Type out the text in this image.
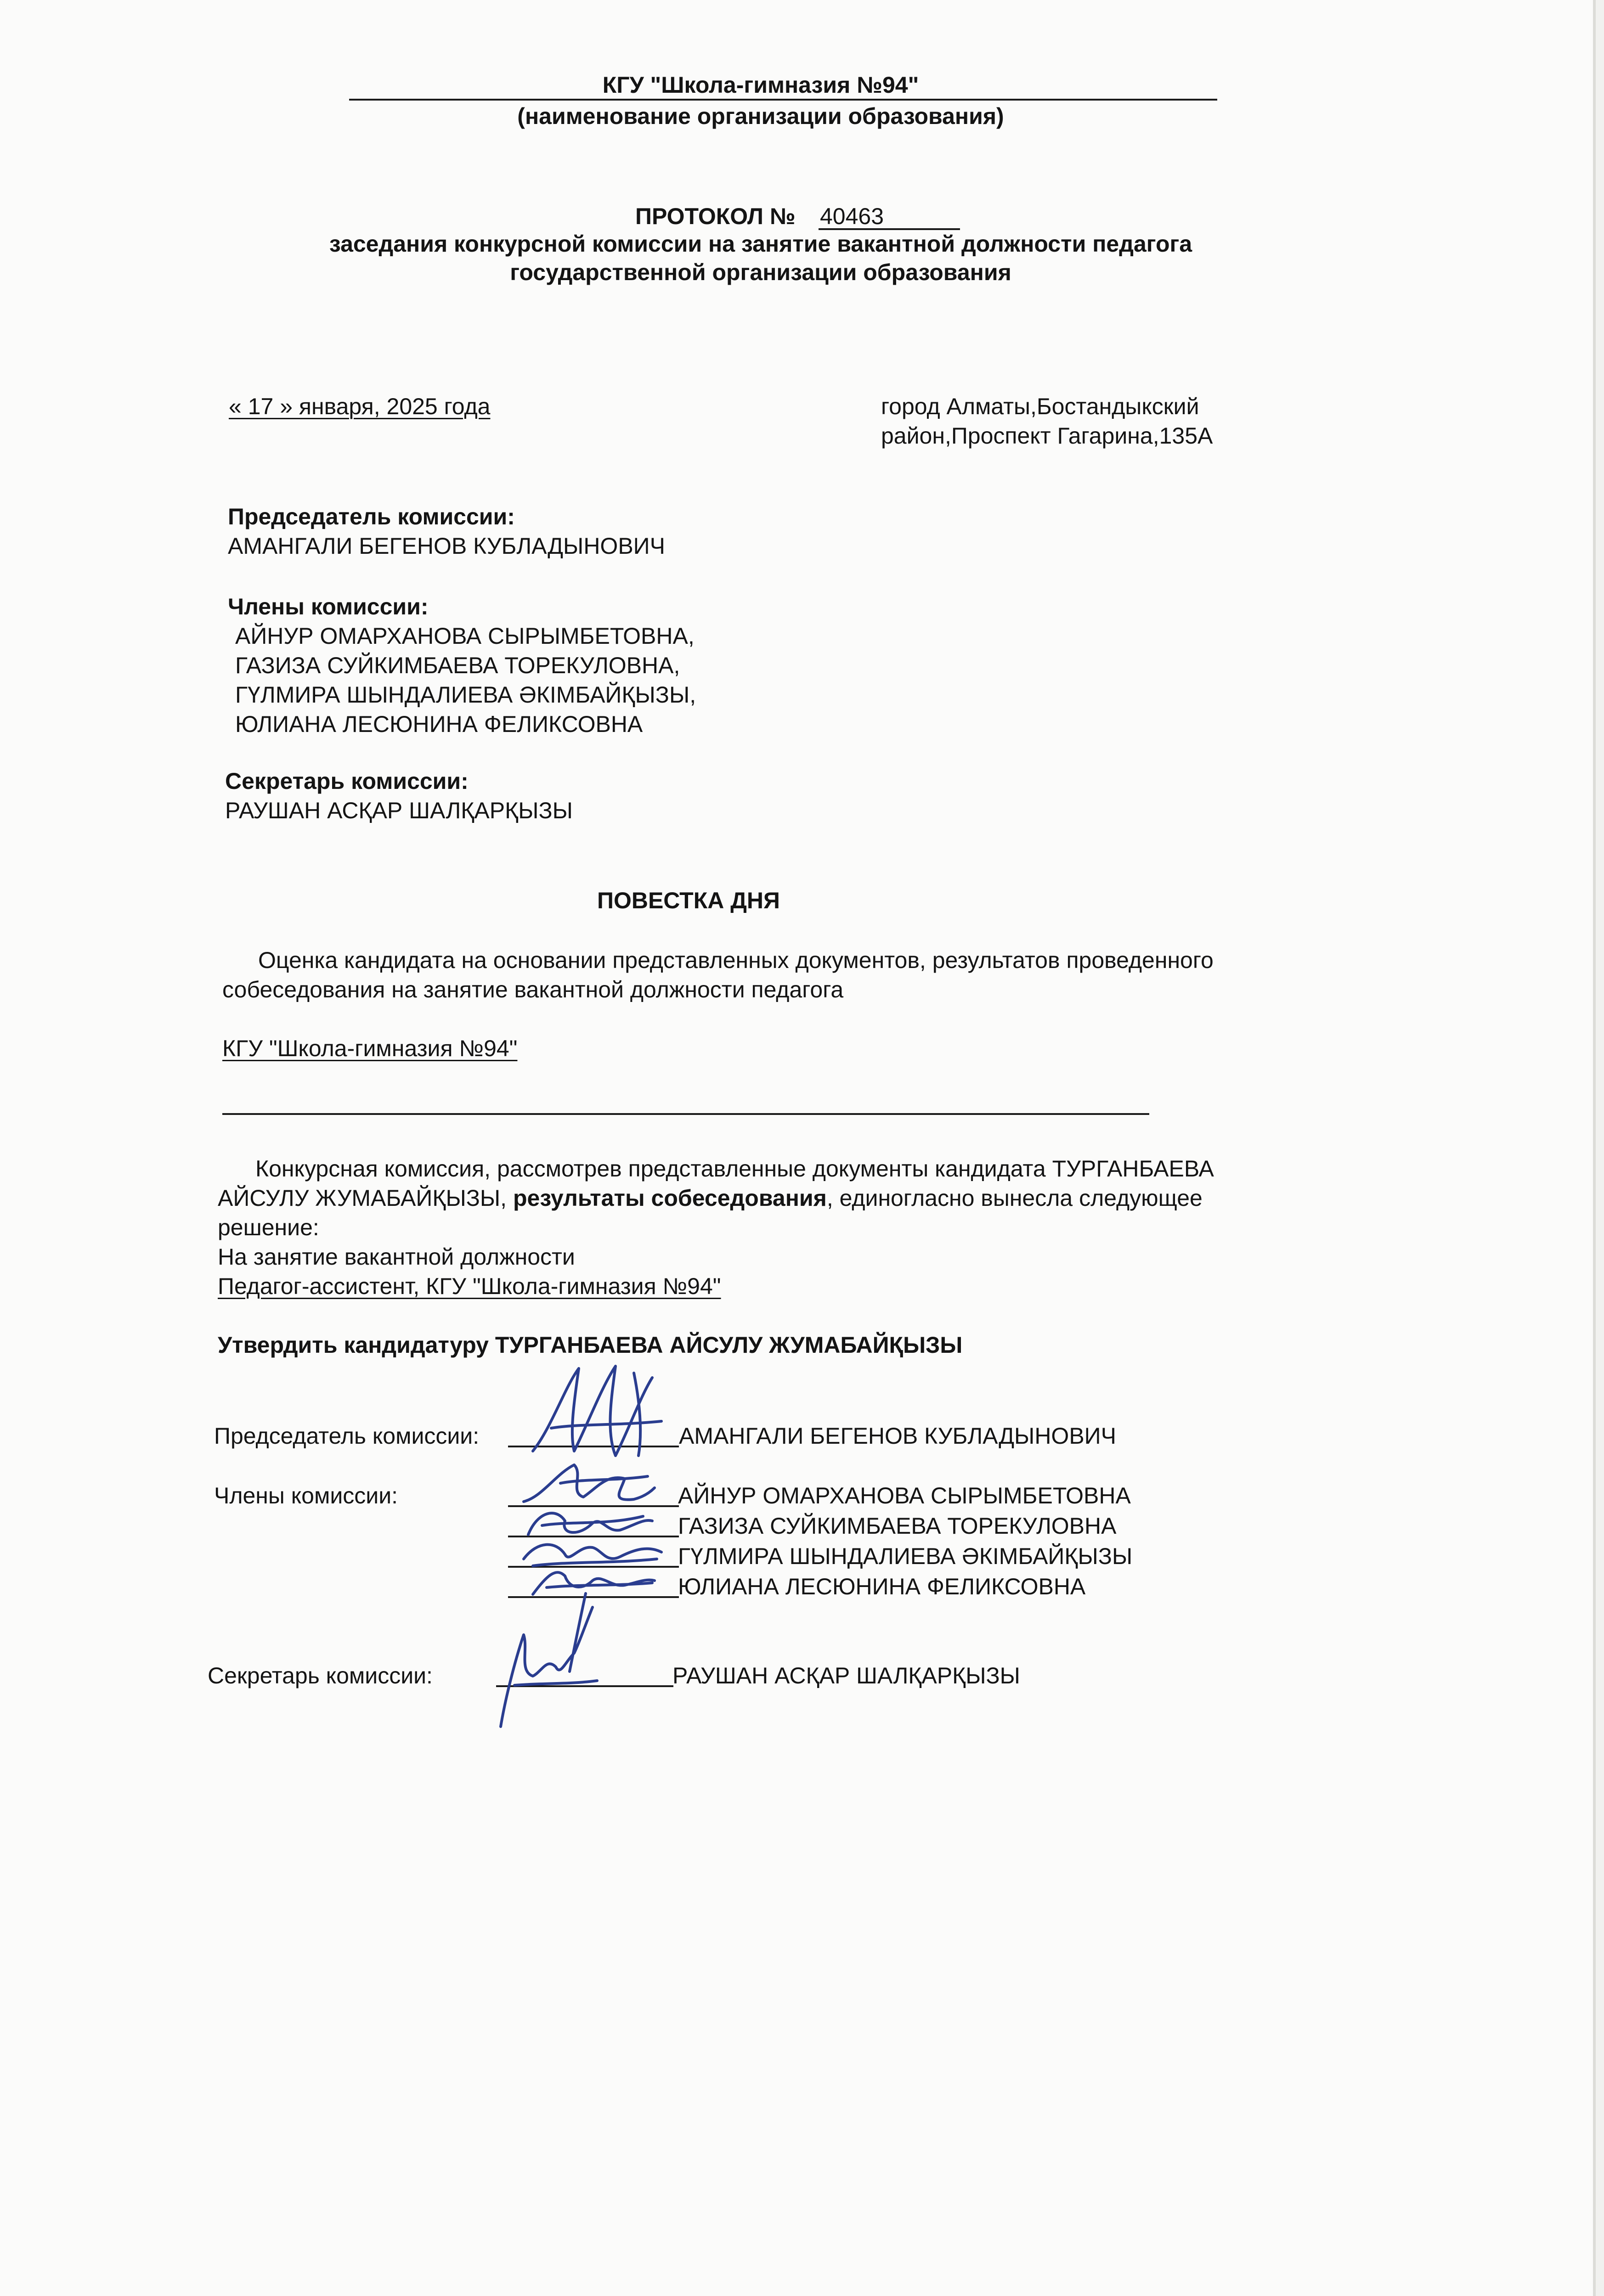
КГУ "Школа-гимназия №94"
(наименование организации образования)
ПРОТОКОЛ № 40463
заседания конкурсной комиссии на занятие вакантной должности педагога
государственной организации образования
« 17 » января, 2025 года	город Алматы,Бостандыкский
район,Проспект Гагарина,135А
Председатель комиссии:
АМАНГАЛИ БЕГЕНОВ КУБЛАДЫНОВИЧ
Члены комиссии:
АЙНУР ОМАРХАНОВА СЫРЫМБЕТОВНА,
ГАЗИЗА СУЙКИМБАЕВА ТОРЕКУЛОВНА,
ГҮЛМИРА ШЫНДАЛИЕВА ӘКІМБАЙҚЫЗЫ,
ЮЛИАНА ЛЕСЮНИНА ФЕЛИКСОВНА
Секретарь комиссии:
РАУШАН АСҚАР ШАЛҚАРҚЫЗЫ
ПОВЕСТКА ДНЯ
Оценка кандидата на основании представленных документов, результатов проведенного
собеседования на занятие вакантной должности педагога
КГУ "Школа-гимназия №94"
Конкурсная комиссия, рассмотрев представленные документы кандидата ТУРГАНБАЕВА
АЙСУЛУ ЖУМАБАЙҚЫЗЫ, результаты собеседования, единогласно вынесла следующее
решение:
На занятие вакантной должности
Педагог-ассистент, КГУ "Школа-гимназия №94"
Утвердить кандидатуру ТУРГАНБАЕВА АЙСУЛУ ЖУМАБАЙҚЫЗЫ
Председатель комиссии:	АМАНГАЛИ БЕГЕНОВ КУБЛАДЫНОВИЧ
Члены комиссии:	АЙНУР ОМАРХАНОВА СЫРЫМБЕТОВНА
ГАЗИЗА СУЙКИМБАЕВА ТОРЕКУЛОВНА
ГҮЛМИРА ШЫНДАЛИЕВА ӘКІМБАЙҚЫЗЫ
ЮЛИАНА ЛЕСЮНИНА ФЕЛИКСОВНА
Секретарь комиссии:	РАУШАН АСҚАР ШАЛҚАРҚЫЗЫ
